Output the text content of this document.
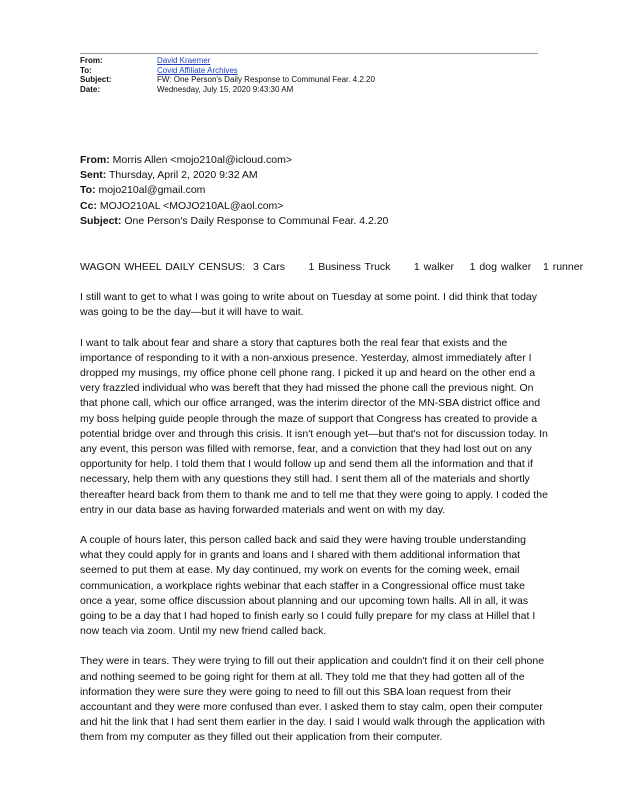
From:	David Kraemer
To:	Covid Affiliate Archives
Subject:	FW: One Person's Daily Response to Communal Fear. 4.2.20
Date:	Wednesday, July 15, 2020 9:43:30 AM
From: Morris Allen <mojo210al@icloud.com>
Sent: Thursday, April 2, 2020 9:32 AM
To: mojo210al@gmail.com
Cc: MOJO210AL <MOJO210AL@aol.com>
Subject: One Person's Daily Response to Communal Fear. 4.2.20

WAGON WHEEL DAILY CENSUS:  3 Cars      1 Business Truck      1 walker    1 dog walker   1 runner

I still want to get to what I was going to write about on Tuesday at some point. I did think that today was going to be the day—but it will have to wait.

I want to talk about fear and share a story that captures both the real fear that exists and the importance of responding to it with a non-anxious presence. Yesterday, almost immediately after I dropped my musings, my office phone cell phone rang. I picked it up and heard on the other end a very frazzled individual who was bereft that they had missed the phone call the previous night. On that phone call, which our office arranged, was the interim director of the MN-SBA district office and my boss helping guide people through the maze of support that Congress has created to provide a potential bridge over and through this crisis. It isn't enough yet—but that's not for discussion today. In any event, this person was filled with remorse, fear, and a conviction that they had lost out on any opportunity for help. I told them that I would follow up and send them all the information and that if necessary, help them with any questions they still had. I sent them all of the materials and shortly thereafter heard back from them to thank me and to tell me that they were going to apply. I coded the entry in our data base as having forwarded materials and went on with my day.

A couple of hours later, this person called back and said they were having trouble understanding what they could apply for in grants and loans and I shared with them additional information that seemed to put them at ease. My day continued, my work on events for the coming week, email communication, a workplace rights webinar that each staffer in a Congressional office must take once a year, some office discussion about planning and our upcoming town halls. All in all, it was going to be a day that I had hoped to finish early so I could fully prepare for my class at Hillel that I now teach via zoom. Until my new friend called back.

They were in tears. They were trying to fill out their application and couldn't find it on their cell phone and nothing seemed to be going right for them at all. They told me that they had gotten all of the information they were sure they were going to need to fill out this SBA loan request from their accountant and they were more confused than ever. I asked them to stay calm, open their computer and hit the link that I had sent them earlier in the day. I said I would walk through the application with them from my computer as they filled out their application from their computer.
